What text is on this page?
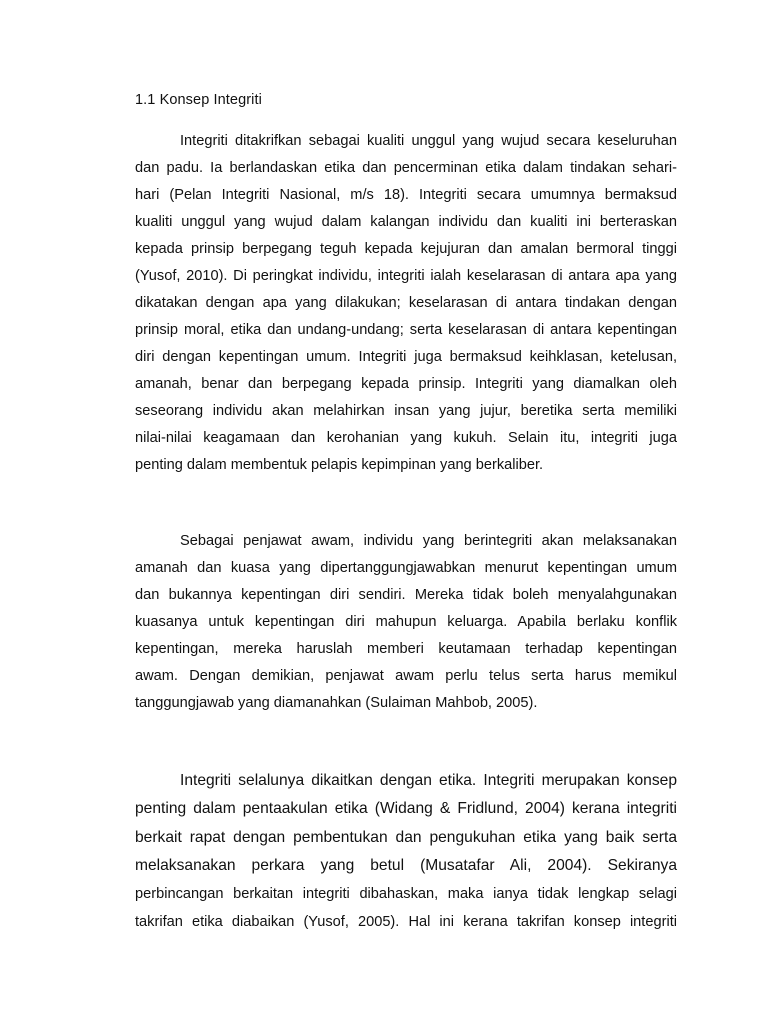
1.1 Konsep Integriti
Integriti ditakrifkan sebagai kualiti unggul yang wujud secara keseluruhan
dan padu. Ia berlandaskan etika dan pencerminan etika dalam tindakan sehari-
hari (Pelan Integriti Nasional, m/s 18). Integriti secara umumnya bermaksud
kualiti unggul yang wujud dalam kalangan individu dan kualiti ini berteraskan
kepada prinsip berpegang teguh kepada kejujuran dan amalan bermoral tinggi
(Yusof, 2010). Di peringkat individu, integriti ialah keselarasan di antara apa yang
dikatakan dengan apa yang dilakukan; keselarasan di antara tindakan dengan
prinsip moral, etika dan undang-undang; serta keselarasan di antara kepentingan
diri dengan kepentingan umum. Integriti juga bermaksud keihklasan, ketelusan,
amanah, benar dan berpegang kepada prinsip. Integriti yang diamalkan oleh
seseorang individu akan melahirkan insan yang jujur, beretika serta memiliki
nilai-nilai keagamaan dan kerohanian yang kukuh. Selain itu, integriti juga
penting dalam membentuk pelapis kepimpinan yang berkaliber.
Sebagai penjawat awam, individu yang berintegriti akan melaksanakan
amanah dan kuasa yang dipertanggungjawabkan menurut kepentingan umum
dan bukannya kepentingan diri sendiri. Mereka tidak boleh menyalahgunakan
kuasanya untuk kepentingan diri mahupun keluarga. Apabila berlaku konflik
kepentingan, mereka haruslah memberi keutamaan terhadap kepentingan
awam. Dengan demikian, penjawat awam perlu telus serta harus memikul
tanggungjawab yang diamanahkan (Sulaiman Mahbob, 2005).
Integriti selalunya dikaitkan dengan etika. Integriti merupakan konsep
penting dalam pentaakulan etika (Widang & Fridlund, 2004) kerana integriti
berkait rapat dengan pembentukan dan pengukuhan etika yang baik serta
melaksanakan perkara yang betul (Musatafar Ali, 2004). Sekiranya
perbincangan berkaitan integriti dibahaskan, maka ianya tidak lengkap selagi
takrifan etika diabaikan (Yusof, 2005). Hal ini kerana takrifan konsep integriti
